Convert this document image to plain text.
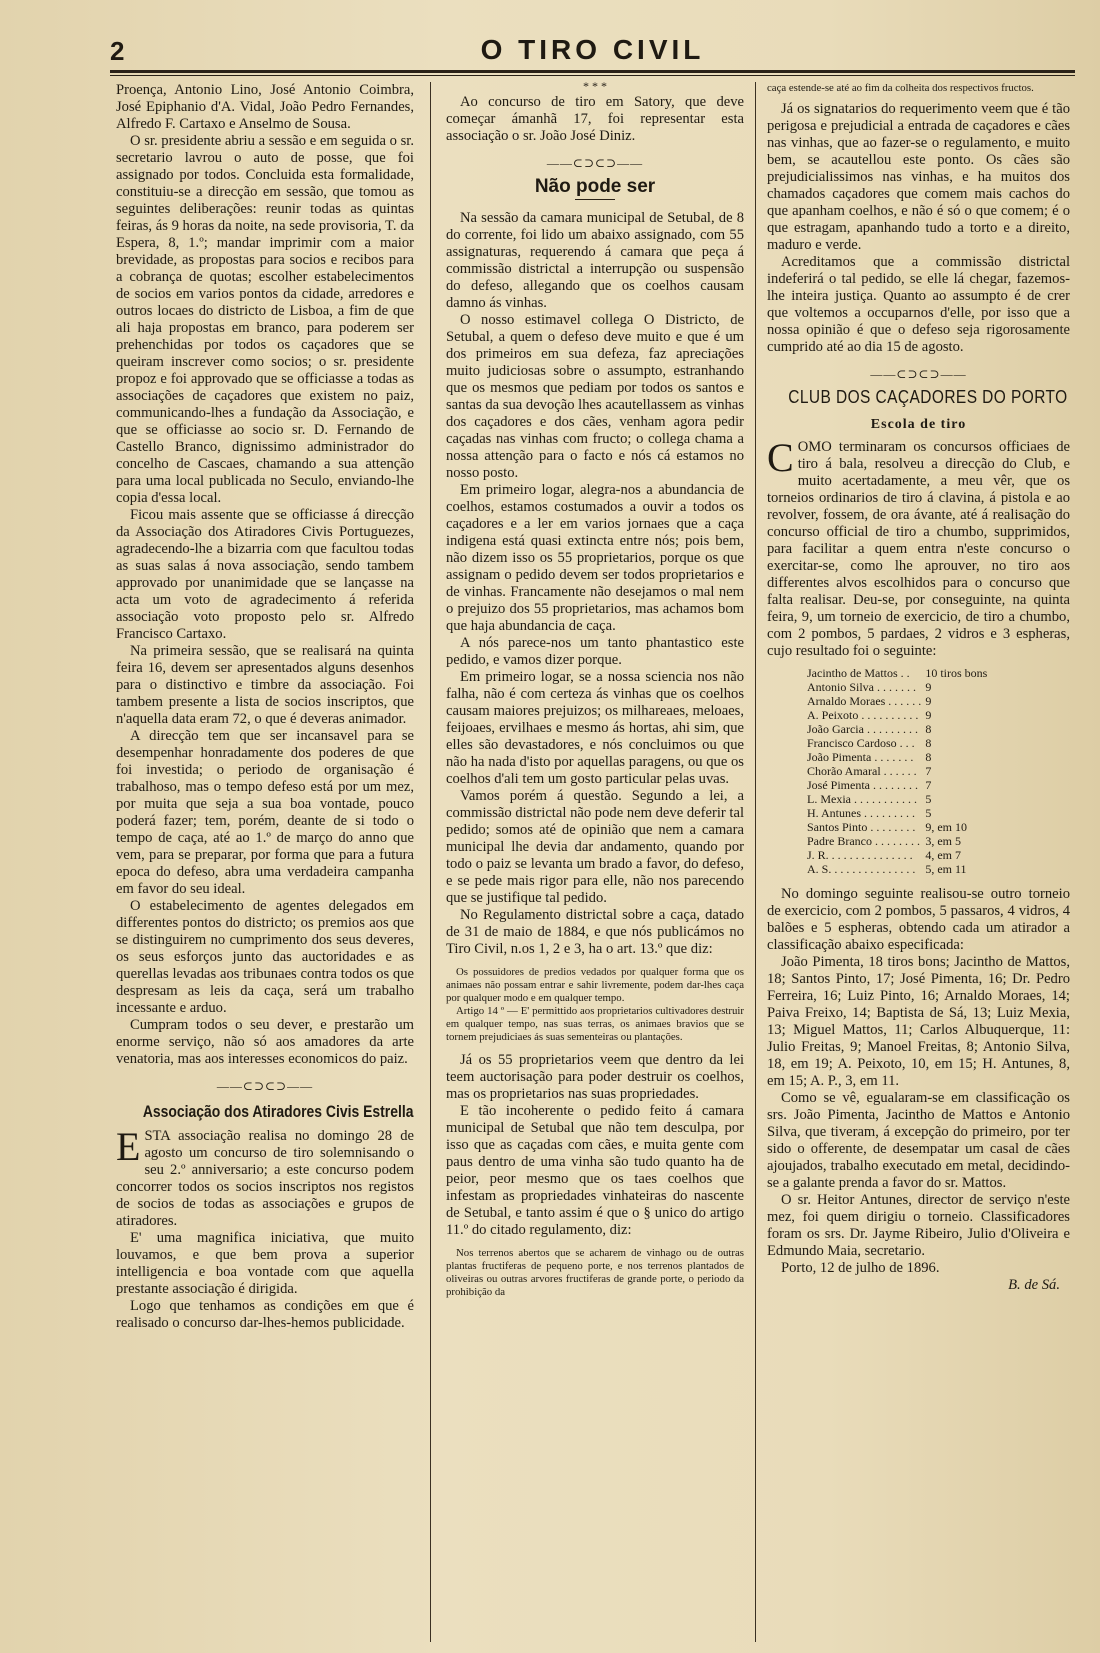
2	O TIRO CIVIL

Proença, Antonio Lino, José Antonio Coimbra, José Epiphanio d'A. Vidal, João Pedro Fernandes, Alfredo F. Cartaxo e Anselmo de Sousa.

O sr. presidente abriu a sessão e em seguida o sr. secretario lavrou o auto de posse, que foi assignado por todos. Concluida esta formalidade, constituiu-se a direcção em sessão, que tomou as seguintes deliberações: reunir todas as quintas feiras, ás 9 horas da noite, na sede provisoria, T. da Espera, 8, 1.º; mandar imprimir com a maior brevidade, as propostas para socios e recibos para a cobrança de quotas; escolher estabelecimentos de socios em varios pontos da cidade, arredores e outros locaes do districto de Lisboa, a fim de que ali haja propostas em branco, para poderem ser prehenchidas por todos os caçadores que se queiram inscrever como socios; o sr. presidente propoz e foi approvado que se officiasse a todas as associações de caçadores que existem no paiz, communicando-lhes a fundação da Associação, e que se officiasse ao socio sr. D. Fernando de Castello Branco, dignissimo administrador do concelho de Cascaes, chamando a sua attenção para uma local publicada no Seculo, enviando-lhe copia d'essa local.

Ficou mais assente que se officiasse á direcção da Associação dos Atiradores Civis Portuguezes, agradecendo-lhe a bizarria com que facultou todas as suas salas á nova associação, sendo tambem approvado por unanimidade que se lançasse na acta um voto de agradecimento á referida associação voto proposto pelo sr. Alfredo Francisco Cartaxo.

Na primeira sessão, que se realisará na quinta feira 16, devem ser apresentados alguns desenhos para o distinctivo e timbre da associação. Foi tambem presente a lista de socios inscriptos, que n'aquella data eram 72, o que é deveras animador.

A direcção tem que ser incansavel para se desempenhar honradamente dos poderes de que foi investida; o periodo de organisação é trabalhoso, mas o tempo defeso está por um mez, por muita que seja a sua boa vontade, pouco poderá fazer; tem, porém, deante de si todo o tempo de caça, até ao 1.º de março do anno que vem, para se preparar, por forma que para a futura epoca do defeso, abra uma verdadeira campanha em favor do seu ideal.

O estabelecimento de agentes delegados em differentes pontos do districto; os premios aos que se distinguirem no cumprimento dos seus deveres, os seus esforços junto das auctoridades e as querellas levadas aos tribunaes contra todos os que despresam as leis da caça, será um trabalho incessante e arduo.

Cumpram todos o seu dever, e prestarão um enorme serviço, não só aos amadores da arte venatoria, mas aos interesses economicos do paiz.

——⊂⊃⊂⊃——
Associação dos Atiradores Civis Estrella

ESTA associação realisa no domingo 28 de agosto um concurso de tiro solemnisando o seu 2.º anniversario; a este concurso podem concorrer todos os socios inscriptos nos registos de socios de todas as associações e grupos de atiradores.

E' uma magnifica iniciativa, que muito louvamos, e que bem prova a superior intelligencia e boa vontade com que aquella prestante associação é dirigida.

Logo que tenhamos as condições em que é realisado o concurso dar-lhes-hemos publicidade.

* * *

Ao concurso de tiro em Satory, que deve começar ámanhã 17, foi representar esta associação o sr. João José Diniz.

——⊂⊃⊂⊃——
Não pode ser

Na sessão da camara municipal de Setubal, de 8 do corrente, foi lido um abaixo assignado, com 55 assignaturas, requerendo á camara que peça á commissão districtal a interrupção ou suspensão do defeso, allegando que os coelhos causam damno ás vinhas.

O nosso estimavel collega O Districto, de Setubal, a quem o defeso deve muito e que é um dos primeiros em sua defeza, faz apreciações muito judiciosas sobre o assumpto, estranhando que os mesmos que pediam por todos os santos e santas da sua devoção lhes acautellassem as vinhas dos caçadores e dos cães, venham agora pedir caçadas nas vinhas com fructo; o collega chama a nossa attenção para o facto e nós cá estamos no nosso posto.

Em primeiro logar, alegra-nos a abundancia de coelhos, estamos costumados a ouvir a todos os caçadores e a ler em varios jornaes que a caça indigena está quasi extincta entre nós; pois bem, não dizem isso os 55 proprietarios, porque os que assignam o pedido devem ser todos proprietarios e de vinhas. Francamente não desejamos o mal nem o prejuizo dos 55 proprietarios, mas achamos bom que haja abundancia de caça.

A nós parece-nos um tanto phantastico este pedido, e vamos dizer porque.

Em primeiro logar, se a nossa sciencia nos não falha, não é com certeza ás vinhas que os coelhos causam maiores prejuizos; os milhareaes, meloaes, feijoaes, ervilhaes e mesmo ás hortas, ahi sim, que elles são devastadores, e nós concluimos ou que não ha nada d'isto por aquellas paragens, ou que os coelhos d'ali tem um gosto particular pelas uvas.

Vamos porém á questão. Segundo a lei, a commissão districtal não pode nem deve deferir tal pedido; somos até de opinião que nem a camara municipal lhe devia dar andamento, quando por todo o paiz se levanta um brado a favor, do defeso, e se pede mais rigor para elle, não nos parecendo que se justifique tal pedido.

No Regulamento districtal sobre a caça, datado de 31 de maio de 1884, e que nós publicámos no Tiro Civil, n.os 1, 2 e 3, ha o art. 13.º que diz:

Os possuidores de predios vedados por qualquer forma que os animaes não possam entrar e sahir livremente, podem dar-lhes caça por qualquer modo e em qualquer tempo.

Artigo 14 º — E' permittido aos proprietarios cultivadores destruir em qualquer tempo, nas suas terras, os animaes bravios que se tornem prejudiciaes ás suas sementeiras ou plantações.

Já os 55 proprietarios veem que dentro da lei teem auctorisação para poder destruir os coelhos, mas os proprietarios nas suas propriedades.

E tão incoherente o pedido feito á camara municipal de Setubal que não tem desculpa, por isso que as caçadas com cães, e muita gente com paus dentro de uma vinha são tudo quanto ha de peior, peor mesmo que os taes coelhos que infestam as propriedades vinhateiras do nascente de Setubal, e tanto assim é que o § unico do artigo 11.º do citado regulamento, diz:

Nos terrenos abertos que se acharem de vinhago ou de outras plantas fructiferas de pequeno porte, e nos terrenos plantados de oliveiras ou outras arvores fructiferas de grande porte, o periodo da prohibição da

caça estende-se até ao fim da colheita dos respectivos fructos.

Já os signatarios do requerimento veem que é tão perigosa e prejudicial a entrada de caçadores e cães nas vinhas, que ao fazer-se o regulamento, e muito bem, se acautellou este ponto. Os cães são prejudicialissimos nas vinhas, e ha muitos dos chamados caçadores que comem mais cachos do que apanham coelhos, e não é só o que comem; é o que estragam, apanhando tudo a torto e a direito, maduro e verde.

Acreditamos que a commissão districtal indeferirá o tal pedido, se elle lá chegar, fazemos-lhe inteira justiça. Quanto ao assumpto é de crer que voltemos a occuparnos d'elle, por isso que a nossa opinião é que o defeso seja rigorosamente cumprido até ao dia 15 de agosto.

——⊂⊃⊂⊃——
CLUB DOS CAÇADORES DO PORTO
Escola de tiro

COMO terminaram os concursos officiaes de tiro á bala, resolveu a direcção do Club, e muito acertadamente, a meu vêr, que os torneios ordinarios de tiro á clavina, á pistola e ao revolver, fossem, de ora ávante, até á realisação do concurso official de tiro a chumbo, supprimidos, para facilitar a quem entra n'este concurso o exercitar-se, como lhe aprouver, no tiro aos differentes alvos escolhidos para o concurso que falta realisar. Deu-se, por conseguinte, na quinta feira, 9, um torneio de exercicio, de tiro a chumbo, com 2 pombos, 5 pardaes, 2 vidros e 3 espheras, cujo resultado foi o seguinte:

Jacintho de Mattos . .	10 tiros bons
Antonio Silva . . . . . . .	9
Arnaldo Moraes . . . . . .	9
A. Peixoto . . . . . . . . . .	9
João Garcia . . . . . . . . .	8
Francisco Cardoso . . .	8
João Pimenta . . . . . . .	8
Chorão Amaral . . . . . .	7
José Pimenta . . . . . . . .	7
L. Mexia . . . . . . . . . . .	5
H. Antunes . . . . . . . . .	5
Santos Pinto . . . . . . . .	9, em 10
Padre Branco . . . . . . . .	3, em 5
J. R. . . . . . . . . . . . . . .	4, em 7
A. S. . . . . . . . . . . . . . .	5, em 11

No domingo seguinte realisou-se outro torneio de exercicio, com 2 pombos, 5 passaros, 4 vidros, 4 balões e 5 espheras, obtendo cada um atirador a classificação abaixo especificada:

João Pimenta, 18 tiros bons; Jacintho de Mattos, 18; Santos Pinto, 17; José Pimenta, 16; Dr. Pedro Ferreira, 16; Luiz Pinto, 16; Arnaldo Moraes, 14; Paiva Freixo, 14; Baptista de Sá, 13; Luiz Mexia, 13; Miguel Mattos, 11; Carlos Albuquerque, 11: Julio Freitas, 9; Manoel Freitas, 8; Antonio Silva, 18, em 19; A. Peixoto, 10, em 15; H. Antunes, 8, em 15; A. P., 3, em 11.

Como se vê, egualaram-se em classificação os srs. João Pimenta, Jacintho de Mattos e Antonio Silva, que tiveram, á excepção do primeiro, por ter sido o offerente, de desempatar um casal de cães ajoujados, trabalho executado em metal, decidindo-se a galante prenda a favor do sr. Mattos.

O sr. Heitor Antunes, director de serviço n'este mez, foi quem dirigiu o torneio. Classificadores foram os srs. Dr. Jayme Ribeiro, Julio d'Oliveira e Edmundo Maia, secretario.

Porto, 12 de julho de 1896.

B. de Sá.
